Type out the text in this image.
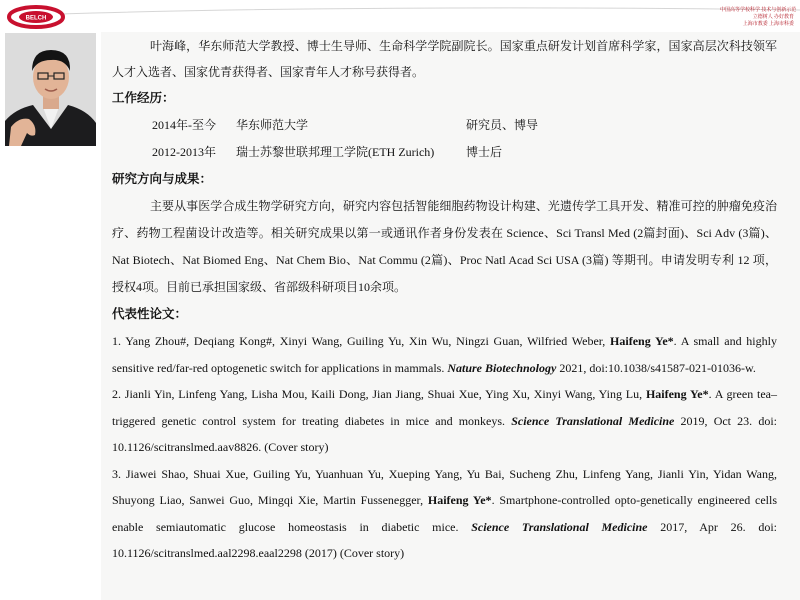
BELCH
中国高等学校科学 技术与创新示范
立德树人 办好教育
上海市教委 上海市科委

叶海峰，华东师范大学教授、博士生导师、生命科学学院副院长。国家重点研发计划首席科学家，国家高层次科技领军人才入选者、国家优青获得者、国家青年人才称号获得者。

工作经历：
2014年-至今 华东师范大学	研究员、博导
2012-2013年 瑞士苏黎世联邦理工学院(ETH Zurich)	博士后
研究方向与成果：

主要从事医学合成生物学研究方向，研究内容包括智能细胞药物设计构建、光遗传学工具开发、精准可控的肿瘤免疫治疗、药物工程菌设计改造等。相关研究成果以第一或通讯作者身份发表在 Science、Sci Transl Med (2篇封面)、Sci Adv (3篇)、Nat Biotech、Nat Biomed Eng、Nat Chem Bio、Nat Commu (2篇)、Proc Natl Acad Sci USA (3篇) 等期刊。申请发明专利 12 项，授权4项。目前已承担国家级、省部级科研项目10余项。

代表性论文：

1. Yang Zhou#, Deqiang Kong#, Xinyi Wang, Guiling Yu, Xin Wu, Ningzi Guan, Wilfried Weber, Haifeng Ye*. A small and highly sensitive red/far-red optogenetic switch for applications in mammals. Nature Biotechnology 2021, doi:10.1038/s41587-021-01036-w.

2. Jianli Yin, Linfeng Yang, Lisha Mou, Kaili Dong, Jian Jiang, Shuai Xue, Ying Xu, Xinyi Wang, Ying Lu, Haifeng Ye*. A green tea–triggered genetic control system for treating diabetes in mice and monkeys. Science Translational Medicine 2019, Oct 23. doi: 10.1126/scitranslmed.aav8826. (Cover story)

3. Jiawei Shao, Shuai Xue, Guiling Yu, Yuanhuan Yu, Xueping Yang, Yu Bai, Sucheng Zhu, Linfeng Yang, Jianli Yin, Yidan Wang, Shuyong Liao, Sanwei Guo, Mingqi Xie, Martin Fussenegger, Haifeng Ye*. Smartphone-controlled opto-genetically engineered cells enable semiautomatic glucose homeostasis in diabetic mice. Science Translational Medicine 2017, Apr 26. doi: 10.1126/scitranslmed.aal2298.eaal2298 (2017) (Cover story)
